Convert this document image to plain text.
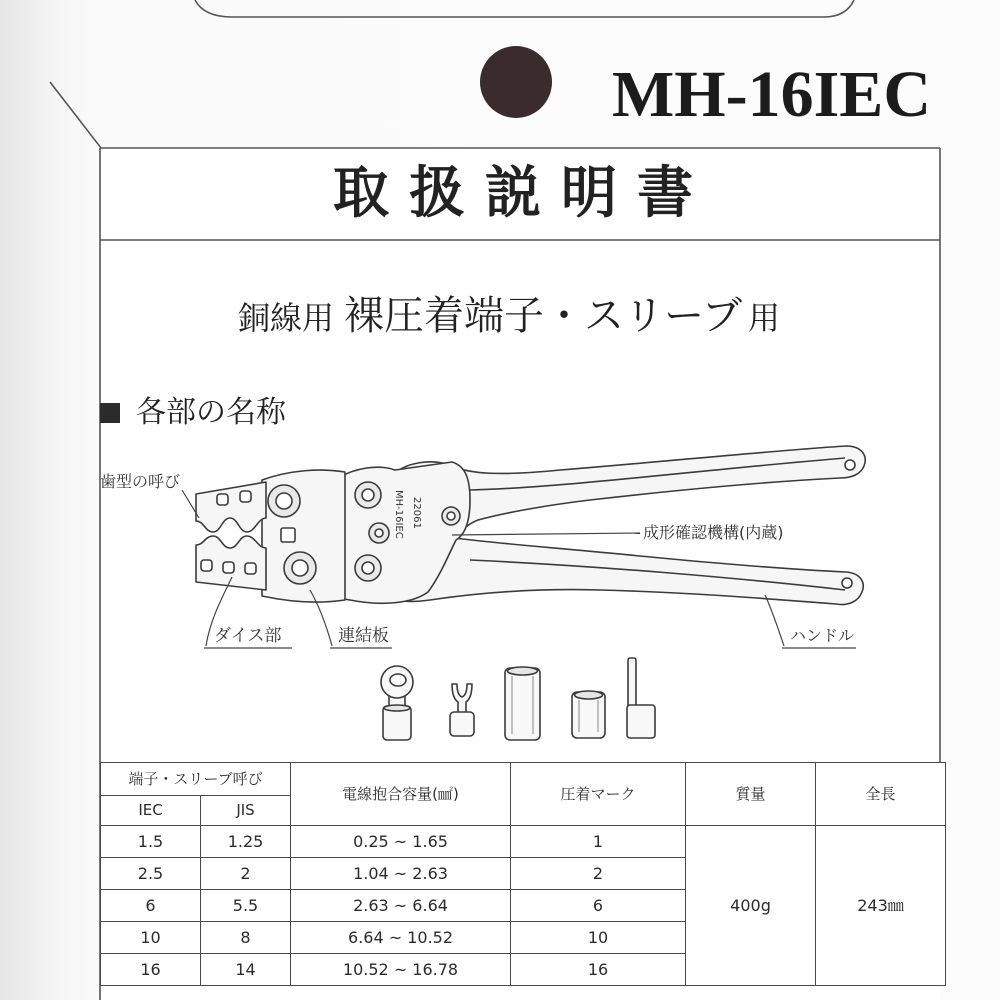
MH-16IEC 22061
MH-16IEC
取扱説明書
銅線用 裸圧着端子・スリーブ 用
各部の名称
歯型の呼び
成形確認機構(内蔵)
ダイス部	連結板	ハンドル
端子・スリーブ呼び		電線抱合容量(㎟)	圧着マーク	質量	全長
IEC	JIS				
1.5	1.25	0.25 ~ 1.65	1	400g	243㎜
2.5	2	1.04 ~ 2.63	2		
6	5.5	2.63 ~ 6.64	6		
10	8	6.64 ~ 10.52	10		
16	14	10.52 ~ 16.78	16		
